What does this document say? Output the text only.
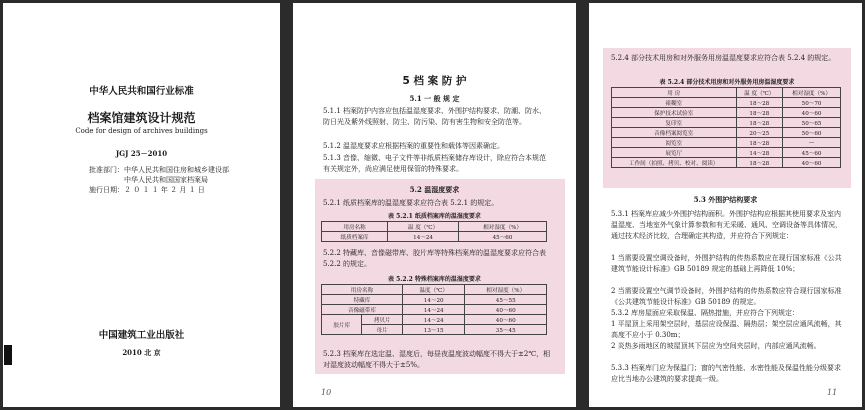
中华人民共和国行业标准
档案馆建筑设计规范
Code for design of archives buildings
JGJ 25－2010
批准部门：中华人民共和国住房和城乡建设部
中华人民共和国国家档案局
施行日期：２ ０ １ １ 年 ２ 月 １ 日
中国建筑工业出版社
2010 北 京
5 档 案 防 护
5.1 一 般 规 定
5.1.1 档案防护内容应包括温湿度要求、外围护结构要求、防潮、防水、防日光及紫外线照射、防尘、防污染、防有害生物和安全防范等。
5.1.2 温湿度要求应根据档案的重要性和载体等因素确定。
5.1.3 音像、缩微、电子文件等非纸质档案储存库设计，除应符合本规范有关规定外，尚应满足使用保管的特殊要求。
5.2 温湿度要求
5.2.1 纸质档案库的温湿度要求应符合表 5.2.1 的规定。
表 5.2.1 纸质档案库的温湿度要求
用房名称	温 度（℃）	相对湿度（%）
纸质档案库	14～24	45～60
5.2.2 特藏库、音像磁带库、胶片库等特殊档案库的温湿度要求应符合表 5.2.2 的规定。
表 5.2.2 特殊档案库的温湿度要求
用房名称		温度（℃）	相对湿度（%）
特藏库		14～20	45～55
音像磁带库		14～24	40～60
胶片库	拷贝片	14～24	40～60
	母片	13～15	35～45
5.2.3 档案库在选定温、湿度后，每昼夜温度波动幅度不得大于±2℃，相对湿度波动幅度不得大于±5%。
10
5.2.4 部分技术用房和对外服务用房温湿度要求应符合表 5.2.4 的规定。
表 5.2.4 部分技术用房和对外服务用房温湿度要求
用 房	温 度（℃）	相对湿度（%）
裱糊室	18～28	50～70
保护技术试验室	18～28	40～60
复印室	18～28	50～65
音像档案阅览室	20～25	50～60
阅览室	18～28	—
展览厅	14～28	45～60
工作间（拍照、拷贝、校对、阅读）	18～28	40～60
5.3 外围护结构要求
5.3.1 档案库应减少外围护结构面积。外围护结构应根据其使用要求及室内温湿度、当地室外气象计算参数和有无采暖、通风、空调设备等具体情况，通过技术经济比较，合理确定其构造，并应符合下列规定：
1 当需要设置空调设备时，外围护结构的传热系数应在现行国家标准《公共建筑节能设计标准》GB 50189 规定的基础上再降低 10%；
2 当需要设置空气调节设备时，外围护结构的传热系数应符合现行国家标准《公共建筑节能设计标准》GB 50189 的规定。
5.3.2 库房屋面应采取保温、隔热措施，并应符合下列规定：
1 平屋顶上采用架空层时，基层应设保温、隔热层；架空层应通风流畅，其高度不应小于 0.30m；
2 炎热多雨地区的坡屋顶其下层应为空间夹层时，内部应通风流畅。
5.3.3 档案库门应为保温门；窗的气密性能、水密性能及保温性能分级要求应比当地办公建筑的要求提高一级。
11
